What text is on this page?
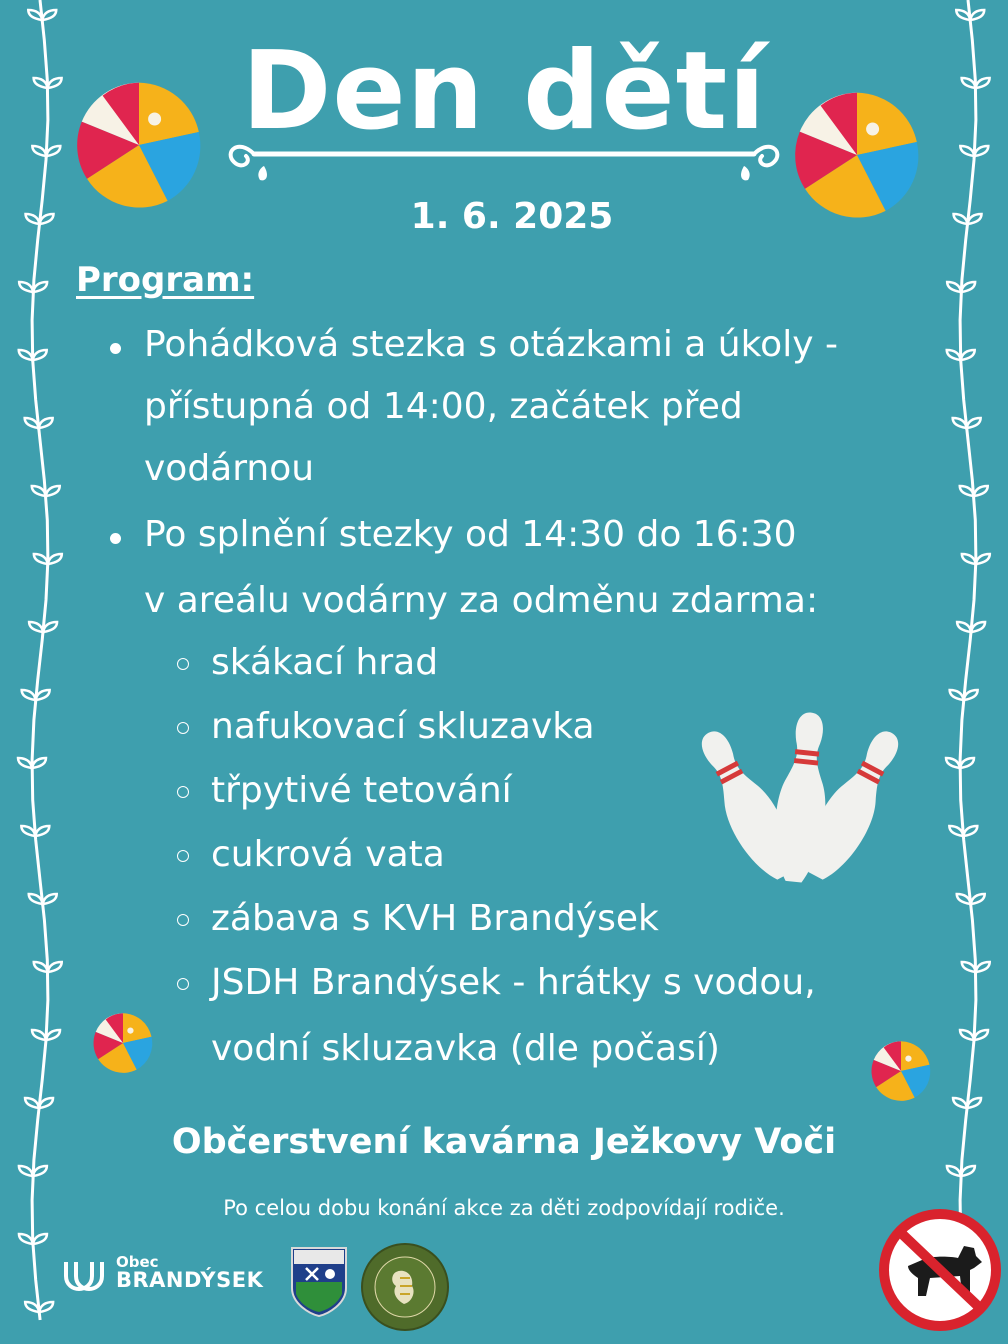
Den dětí
1. 6. 2025
Program:
Pohádková stezka s otázkami a úkoly -
přístupná od 14:00, začátek před
vodárnou
Po splnění stezky od 14:30 do 16:30
v areálu vodárny za odměnu zdarma:
skákací hrad
nafukovací skluzavka
třpytivé tetování
cukrová vata
zábava s KVH Brandýsek
JSDH Brandýsek - hrátky s vodou,
vodní skluzavka (dle počasí)
Občerstvení kavárna Ježkovy Voči
Po celou dobu konání akce za děti zodpovídají rodiče.
Obec
BRANDÝSEK
